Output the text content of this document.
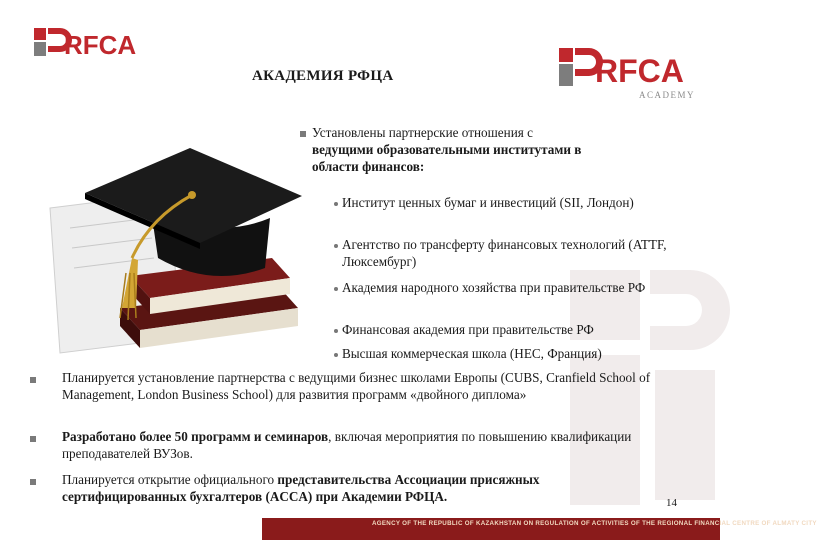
RFCA
АКАДЕМИЯ РФЦА	RFCA
ACADEMY
Установлены партнерские отношения с ведущими образовательными институтами в области финансов:
Институт ценных бумаг и инвестиций (SII, Лондон)
Агентство по трансферту финансовых технологий (ATTF, Люксембург)
Академия народного хозяйства при правительстве РФ
Финансовая академия при правительстве РФ
Высшая коммерческая школа (HEC, Франция)
Планируется установление партнерства с ведущими бизнес школами Европы (CUBS, Cranfield School of Management, London Business School) для развития программ «двойного диплома»
Разработано более 50 программ и семинаров, включая мероприятия по повышению квалификации преподавателей ВУЗов.
Планируется открытие официального представительства Ассоциации присяжных сертифицированных бухгалтеров (ACCA) при Академии РФЦА.	14
AGENCY OF THE REPUBLIC OF KAZAKHSTAN ON REGULATION OF ACTIVITIES OF THE REGIONAL FINANCIAL CENTRE OF ALMATY CITY
